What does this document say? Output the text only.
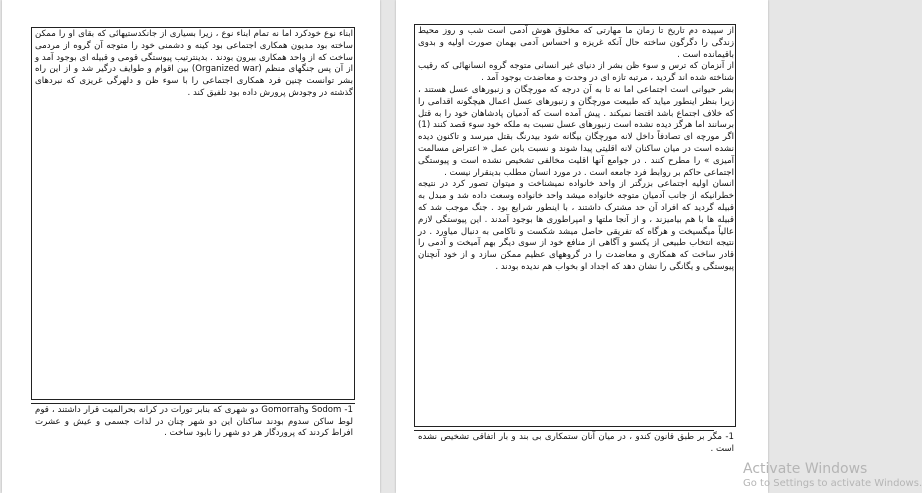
ابناء نوع خودکرد اما نه تمام ابناء نوع ، زیرا بسیاری از جانکدستیهائی که بقای او را ممکن ساخته بود مدیون همکاری اجتماعی بود کینه و دشمنی خود را متوجه آن گروه از مردمی ساخت که از واحد همکاری بیرون بودند . بدینترتیب پیوستگی قومی و قبیله ای بوجود آمد و از آن پس جنگهای منظم (Organized war) بین اقوام و طوایف درگیر شد و از این راه بشر توانست چنین فرد همکاری اجتماعی را با سوء ظن و دلهرگی غریزی که نبردهای گذشته در وجودش پرورش داده بود تلفیق کند .

1- Sodom وGomorrah دو شهری که بنابر تورات در کرانه بحرالمیت قرار داشتند ، قوم لوط ساکن سدوم بودند ساکنان این دو شهر چنان در لذات جسمی و عیش و عشرت افراط کردند که پروردگار هر دو شهر را نابود ساخت .

از سپیده دم تاریخ تا زمان ما مهارتی که مخلوق هوش آدمی است شب و روز محیط زندگی را دگرگون ساخته حال آنکه غریزه و احساس آدمی بهمان صورت اولیه و بدوی باقیمانده است .

از آنزمان که ترس و سوء ظن بشر از دنیای غیر انسانی متوجه گروه انسانهائی که رقیب شناخته شده اند گردید ، مرتبه تازه ای در وحدت و معاضدت بوجود آمد .

بشر حیوانی است اجتماعی اما نه تا به آن درجه که مورچگان و زنبورهای عسل هستند ، زیرا بنظر اینطور میاید که طبیعت مورچگان و زنبورهای عسل اعمال هیچگونه اقدامی را که خلاف اجتماع باشد اقتضا نمیکند . پیش آمده است که آدمیان پادشاهان خود را به قتل برسانند اما هرگز دیده نشده است زنبورهای عسل نسبت به ملکه خود سوء قصد کنند (1) اگر مورچه ای تصادفاً داخل لانه مورچگان بیگانه شود بیدرنگ بقتل میرسد و تاکنون دیده نشده است در میان ساکنان لانه اقلیتی پیدا شوند و نسبت بابن عمل « اعتراض مسالمت آمیزی » را مطرح کنند . در جوامع آنها اقلیت مخالفی تشخیص نشده است و پیوستگی اجتماعی حاکم بر روابط فرد جامعه است . در مورد انسان مطلب بدینقرار نیست .

انسان اولیه اجتماعی بزرگتر از واحد خانواده نمیشناخت و میتوان تصور کرد در نتیجه خطرانیکه از جانب آدمیان متوجه خانواده میشد واحد خانواده وسعت داده شد و مبدل به قبیله گردید که افراد آن حد مشترک داشتند ، با اینطور شرایع بود . جنگ موجب شد که قبیله ها با هم بیامیزند ، و از آنجا ملتها و امپراطوری ها بوجود آمدند . این پیوستگی لازم عالیاً میگسیخت و هرگاه که تفریقی حاصل میشد شکست و ناکامی به دنبال میاورد . در نتیجه انتخاب طبیعی از یکسو و آگاهی از منافع خود از سوی دیگر بهم آمیخت و آدمی را قادر ساخت که همکاری و معاضدت را در گروههای عظیم ممکن سازد و از خود آنچنان پیوستگی و یگانگی را نشان دهد که اجداد او بخواب هم ندیده بودند .

1- مگر بر طبق قانون کندو ، در میان آنان ستمکاری بی بند و بار اتفاقی تشخیص نشده است .

Activate Windows
Go to Settings to activate Windows.
